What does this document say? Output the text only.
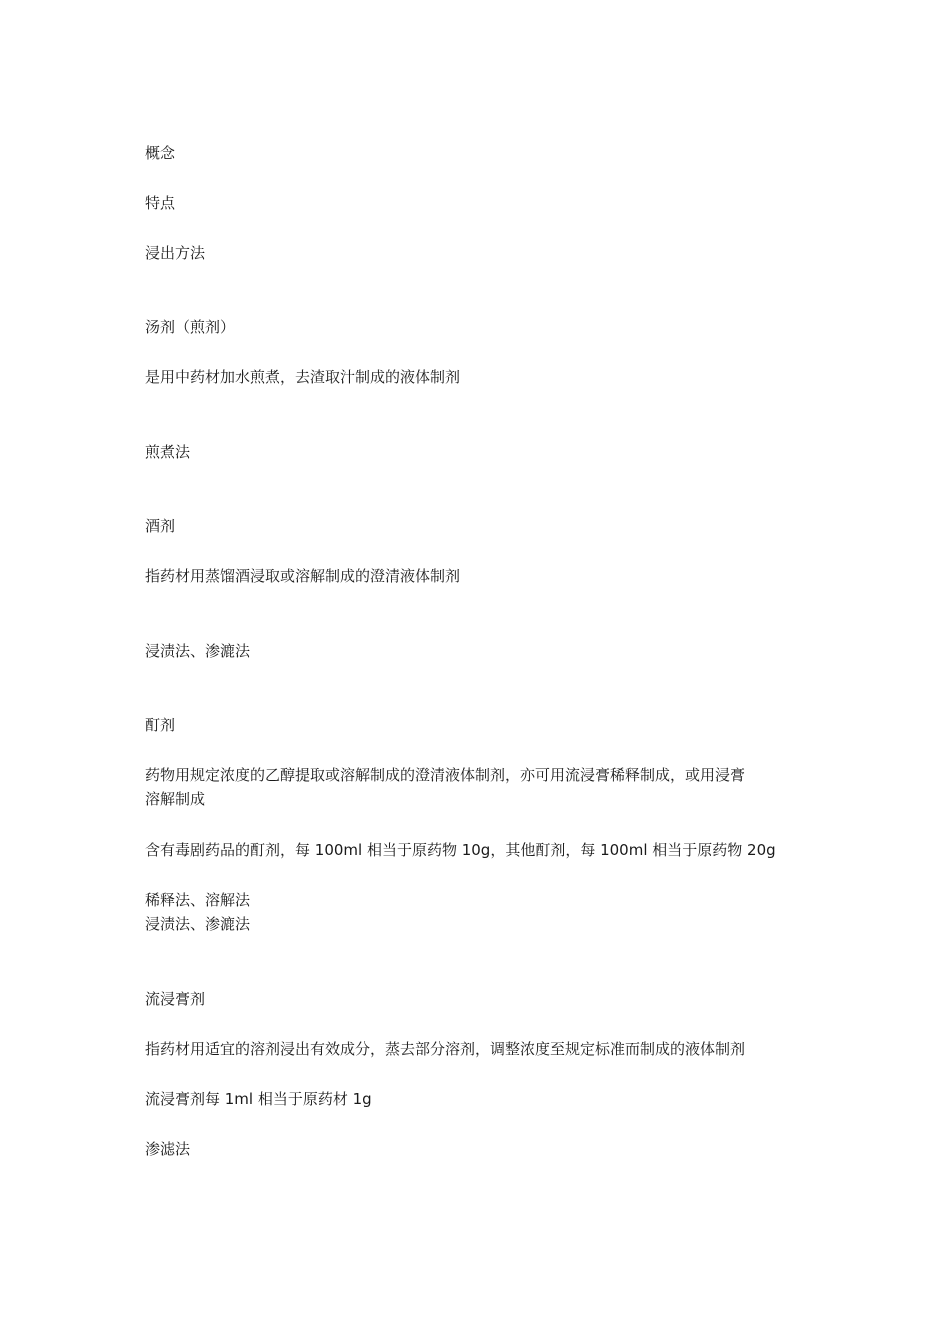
概念

特点

浸出方法

汤剂（煎剂）

是用中药材加水煎煮，去渣取汁制成的液体制剂

煎煮法

酒剂

指药材用蒸馏酒浸取或溶解制成的澄清液体制剂

浸渍法、渗漉法

酊剂

药物用规定浓度的乙醇提取或溶解制成的澄清液体制剂，亦可用流浸膏稀释制成，或用浸膏

溶解制成

含有毒剧药品的酊剂，每 100ml 相当于原药物 10g，其他酊剂，每 100ml 相当于原药物 20g

稀释法、溶解法

浸渍法、渗漉法

流浸膏剂

指药材用适宜的溶剂浸出有效成分，蒸去部分溶剂，调整浓度至规定标准而制成的液体制剂

流浸膏剂每 1ml 相当于原药材 1g

渗滤法
